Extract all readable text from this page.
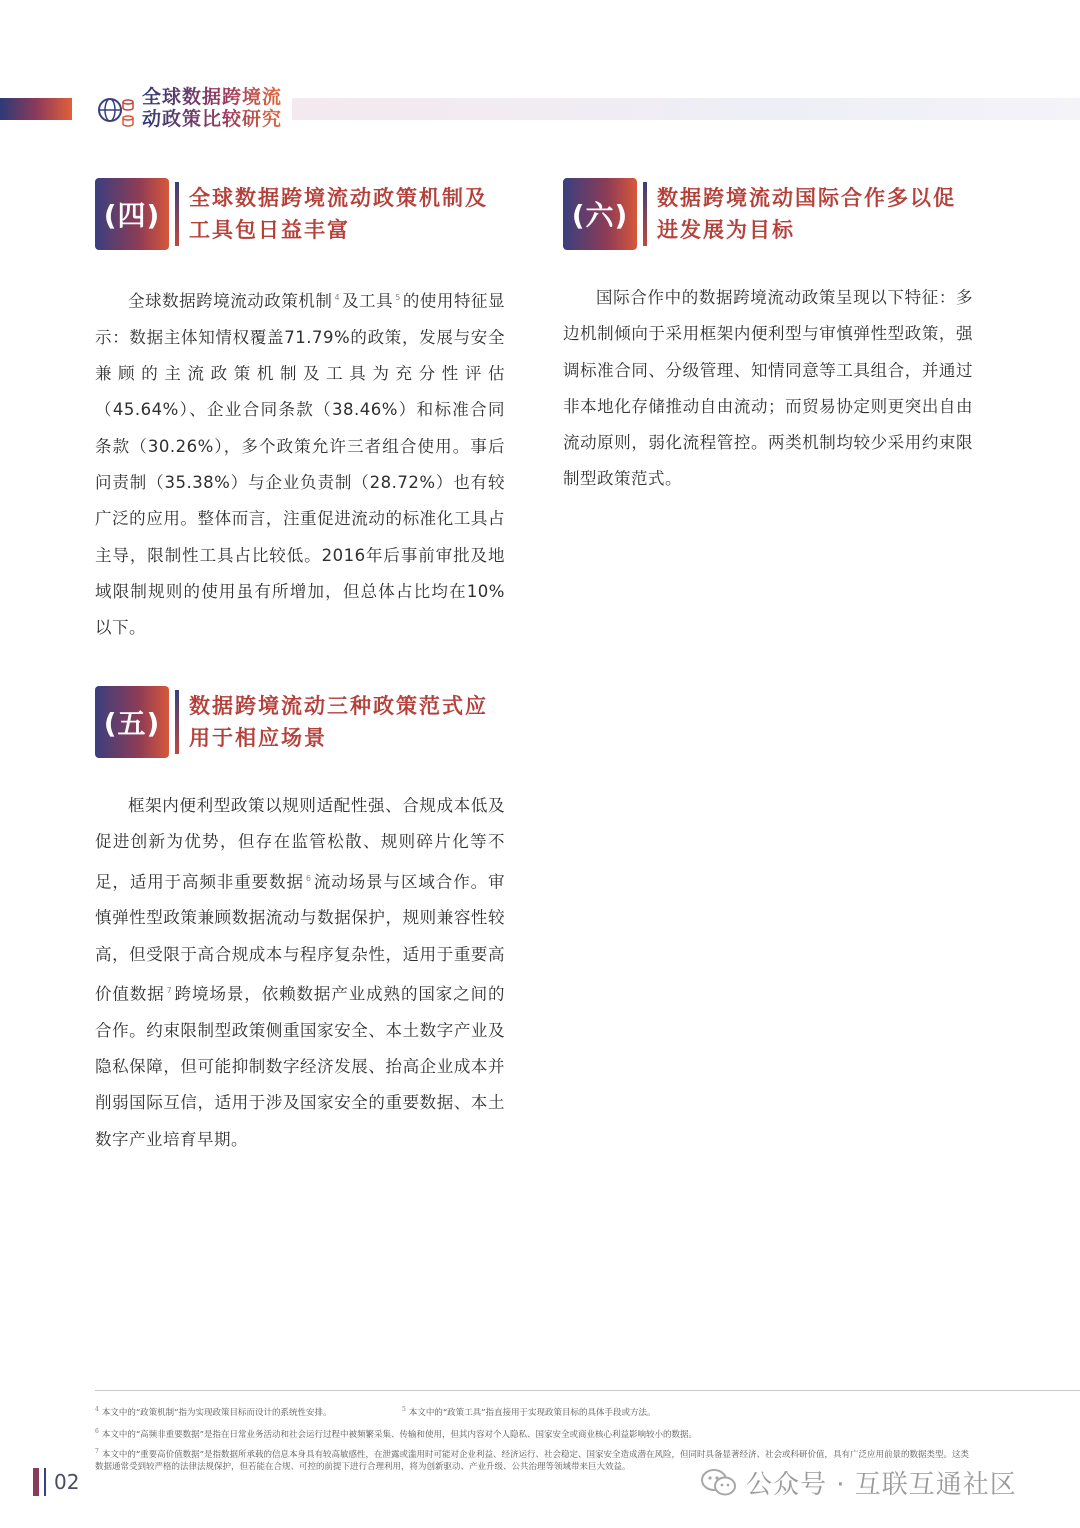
全球数据跨境流
动政策比较研究
(四)
全球数据跨境流动政策机制及工具包日益丰富

全球数据跨境流动政策机制 $^4$ 及工具 $^5$ 的使用特征显示：数据主体知情权覆盖71.79%的政策，发展与安全兼顾的主流政策机制及工具为充分性评估（45.64%）、企业合同条款（38.46%）和标准合同条款（30.26%），多个政策允许三者组合使用。事后问责制（35.38%）与企业负责制（28.72%）也有较广泛的应用。整体而言，注重促进流动的标准化工具占主导，限制性工具占比较低。2016年后事前审批及地域限制规则的使用虽有所增加，但总体占比均在10%以下。

(五)
数据跨境流动三种政策范式应用于相应场景

框架内便利型政策以规则适配性强、合规成本低及促进创新为优势，但存在监管松散、规则碎片化等不足，适用于高频非重要数据 $^6$ 流动场景与区域合作。审慎弹性型政策兼顾数据流动与数据保护，规则兼容性较高，但受限于高合规成本与程序复杂性，适用于重要高价值数据 $^7$ 跨境场景，依赖数据产业成熟的国家之间的合作。约束限制型政策侧重国家安全、本土数字产业及隐私保障，但可能抑制数字经济发展、抬高企业成本并削弱国际互信，适用于涉及国家安全的重要数据、本土数字产业培育早期。

(六)
数据跨境流动国际合作多以促进发展为目标

国际合作中的数据跨境流动政策呈现以下特征：多边机制倾向于采用框架内便利型与审慎弹性型政策，强调标准合同、分级管理、知情同意等工具组合，并通过非本地化存储推动自由流动；而贸易协定则更突出自由流动原则，弱化流程管控。两类机制均较少采用约束限制型政策范式。

$^4$ 本文中的“政策机制”指为实现政策目标而设计的系统性安排。	$^5$ 本文中的“政策工具”指直接用于实现政策目标的具体手段或方法。
$^6$ 本文中的“高频非重要数据”是指在日常业务活动和社会运行过程中被频繁采集、传输和使用，但其内容对个人隐私、国家安全或商业核心利益影响较小的数据。
$^7$ 本文中的“重要高价值数据”是指数据所承载的信息本身具有较高敏感性，在泄露或滥用时可能对企业利益、经济运行、社会稳定、国家安全造成潜在风险，但同时具备显著经济、社会或科研价值，具有广泛应用前景的数据类型。这类数据通常受到较严格的法律法规保护，但若能在合规、可控的前提下进行合理利用，将为创新驱动、产业升级、公共治理等领域带来巨大效益。
02	公众号 · 互联互通社区
